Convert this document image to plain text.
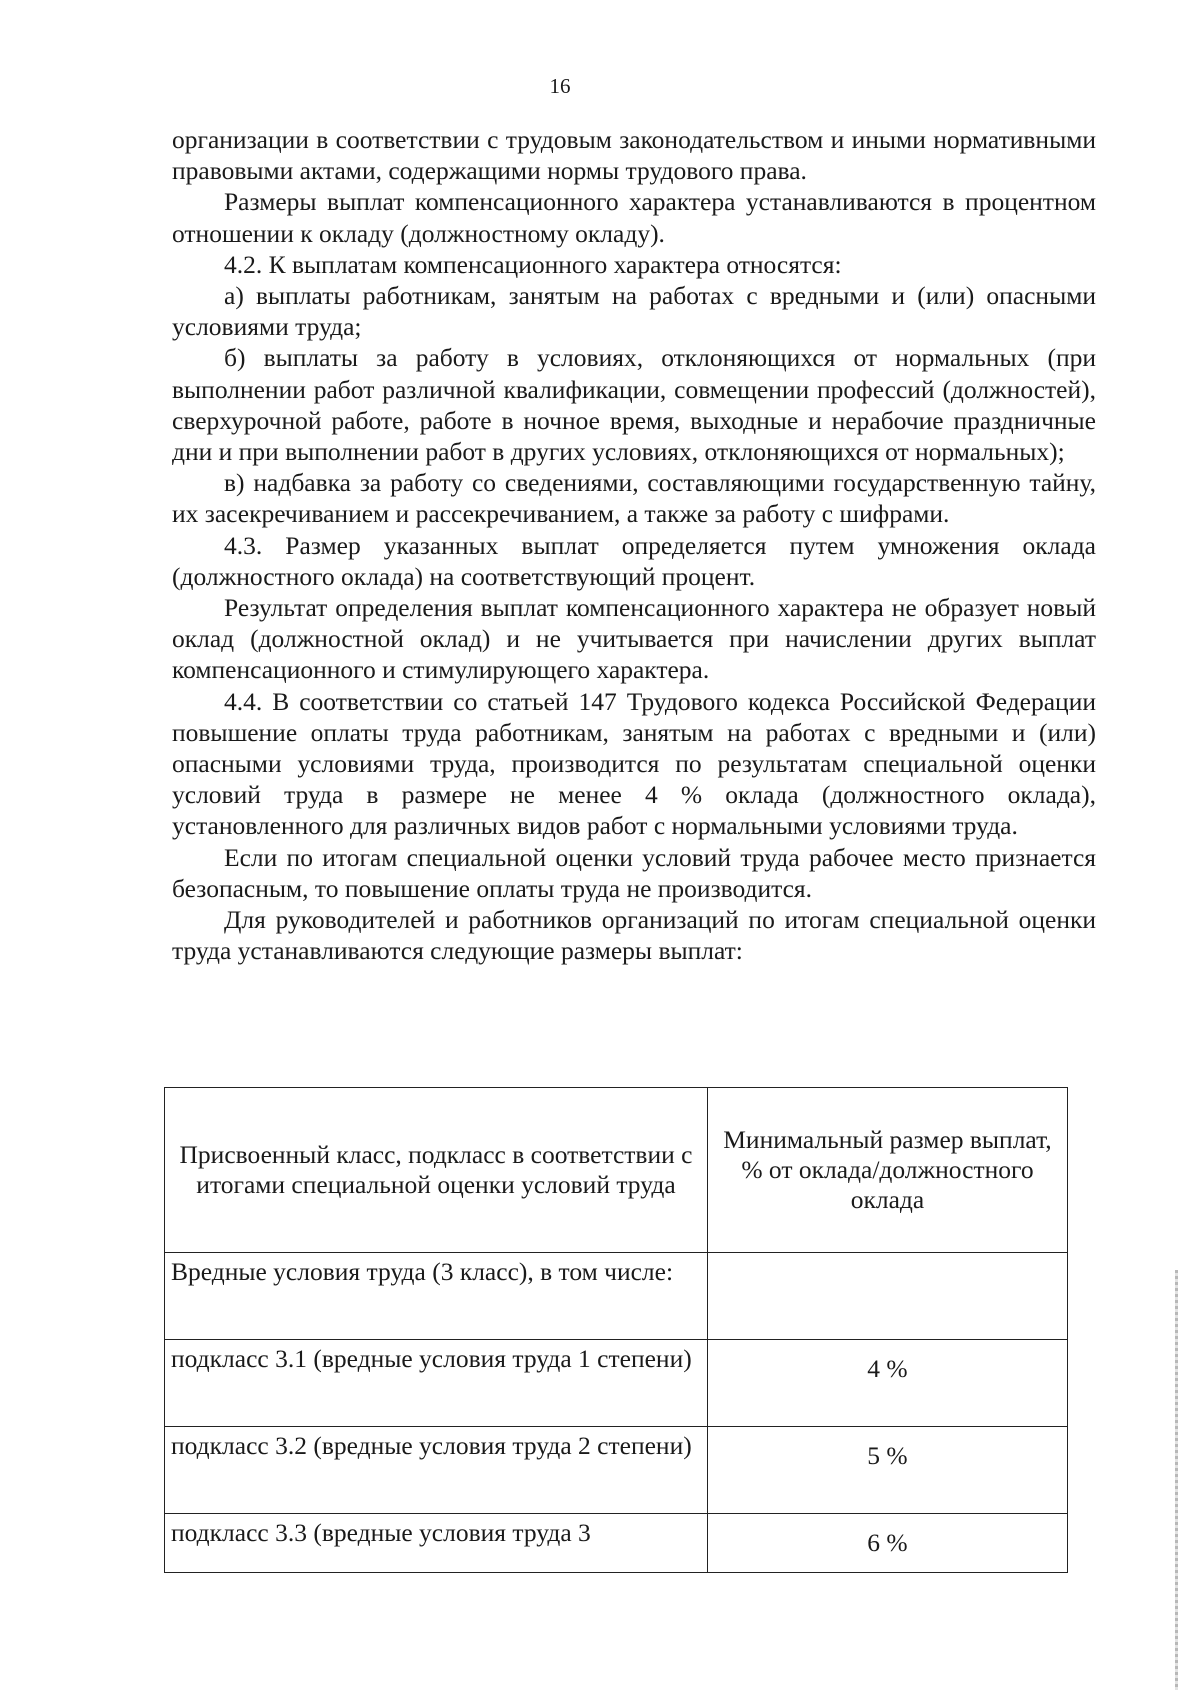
16

организации в соответствии с трудовым законодательством и иными нормативными правовыми актами, содержащими нормы трудового права.

Размеры выплат компенсационного характера устанавливаются в процентном отношении к окладу (должностному окладу).

4.2. К выплатам компенсационного характера относятся:

а) выплаты работникам, занятым на работах с вредными и (или) опасными условиями труда;

б) выплаты за работу в условиях, отклоняющихся от нормальных (при выполнении работ различной квалификации, совмещении профессий (должностей), сверхурочной работе, работе в ночное время, выходные и нерабочие праздничные дни и при выполнении работ в других условиях, отклоняющихся от нормальных);

в) надбавка за работу со сведениями, составляющими государственную тайну, их засекречиванием и рассекречиванием, а также за работу с шифрами.

4.3. Размер указанных выплат определяется путем умножения оклада (должностного оклада) на соответствующий процент.

Результат определения выплат компенсационного характера не образует новый оклад (должностной оклад) и не учитывается при начислении других выплат компенсационного и стимулирующего характера.

4.4. В соответствии со статьей 147 Трудового кодекса Российской Федерации повышение оплаты труда работникам, занятым на работах с вредными и (или) опасными условиями труда, производится по результатам специальной оценки условий труда в размере не менее 4 % оклада (должностного оклада), установленного для различных видов работ с нормальными условиями труда.

Если по итогам специальной оценки условий труда рабочее место признается безопасным, то повышение оплаты труда не производится.

Для руководителей и работников организаций по итогам специальной оценки труда устанавливаются следующие размеры выплат:

Присвоенный класс, подкласс в соответствии с итогами специальной оценки условий труда	Минимальный размер выплат, % от оклада/должностного оклада
Вредные условия труда (3 класс), в том числе:	
подкласс 3.1 (вредные условия труда 1 степени)	4 %
подкласс 3.2 (вредные условия труда 2 степени)	5 %
подкласс 3.3 (вредные условия труда 3	6 %
